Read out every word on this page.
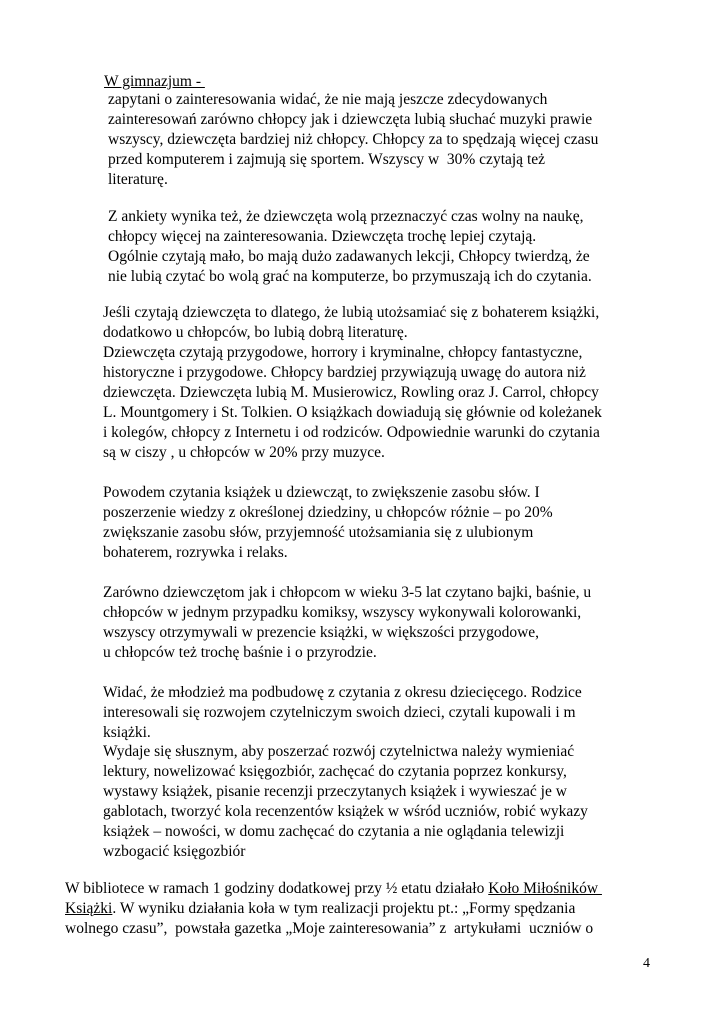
W gimnazjum -
zapytani o zainteresowania widać, że nie mają jeszcze zdecydowanych
zainteresowań zarówno chłopcy jak i dziewczęta lubią słuchać muzyki prawie
wszyscy, dziewczęta bardziej niż chłopcy. Chłopcy za to spędzają więcej czasu
przed komputerem i zajmują się sportem. Wszyscy w  30% czytają też
literaturę.
Z ankiety wynika też, że dziewczęta wolą przeznaczyć czas wolny na naukę,
chłopcy więcej na zainteresowania. Dziewczęta trochę lepiej czytają.
Ogólnie czytają mało, bo mają dużo zadawanych lekcji, Chłopcy twierdzą, że
nie lubią czytać bo wolą grać na komputerze, bo przymuszają ich do czytania.
Jeśli czytają dziewczęta to dlatego, że lubią utożsamiać się z bohaterem książki,
dodatkowo u chłopców, bo lubią dobrą literaturę.
Dziewczęta czytają przygodowe, horrory i kryminalne, chłopcy fantastyczne,
historyczne i przygodowe. Chłopcy bardziej przywiązują uwagę do autora niż
dziewczęta. Dziewczęta lubią M. Musierowicz, Rowling oraz J. Carrol, chłopcy
L. Mountgomery i St. Tolkien. O książkach dowiadują się głównie od koleżanek
i kolegów, chłopcy z Internetu i od rodziców. Odpowiednie warunki do czytania
są w ciszy , u chłopców w 20% przy muzyce.
Powodem czytania książek u dziewcząt, to zwiększenie zasobu słów. I
poszerzenie wiedzy z określonej dziedziny, u chłopców różnie – po 20%
zwiększanie zasobu słów, przyjemność utożsamiania się z ulubionym
bohaterem, rozrywka i relaks.
Zarówno dziewczętom jak i chłopcom w wieku 3-5 lat czytano bajki, baśnie, u
chłopców w jednym przypadku komiksy, wszyscy wykonywali kolorowanki,
wszyscy otrzymywali w prezencie książki, w większości przygodowe,
u chłopców też trochę baśnie i o przyrodzie.
Widać, że młodzież ma podbudowę z czytania z okresu dziecięcego. Rodzice
interesowali się rozwojem czytelniczym swoich dzieci, czytali kupowali i m
książki.
Wydaje się słusznym, aby poszerzać rozwój czytelnictwa należy wymieniać
lektury, nowelizować księgozbiór, zachęcać do czytania poprzez konkursy,
wystawy książek, pisanie recenzji przeczytanych książek i wywieszać je w
gablotach, tworzyć kola recenzentów książek w wśród uczniów, robić wykazy
książek – nowości, w domu zachęcać do czytania a nie oglądania telewizji
wzbogacić księgozbiór
W bibliotece w ramach 1 godziny dodatkowej przy ½ etatu działało Koło Miłośników
Książki. W wyniku działania koła w tym realizacji projektu pt.: „Formy spędzania
wolnego czasu”,  powstała gazetka „Moje zainteresowania” z  artykułami  uczniów o
4
